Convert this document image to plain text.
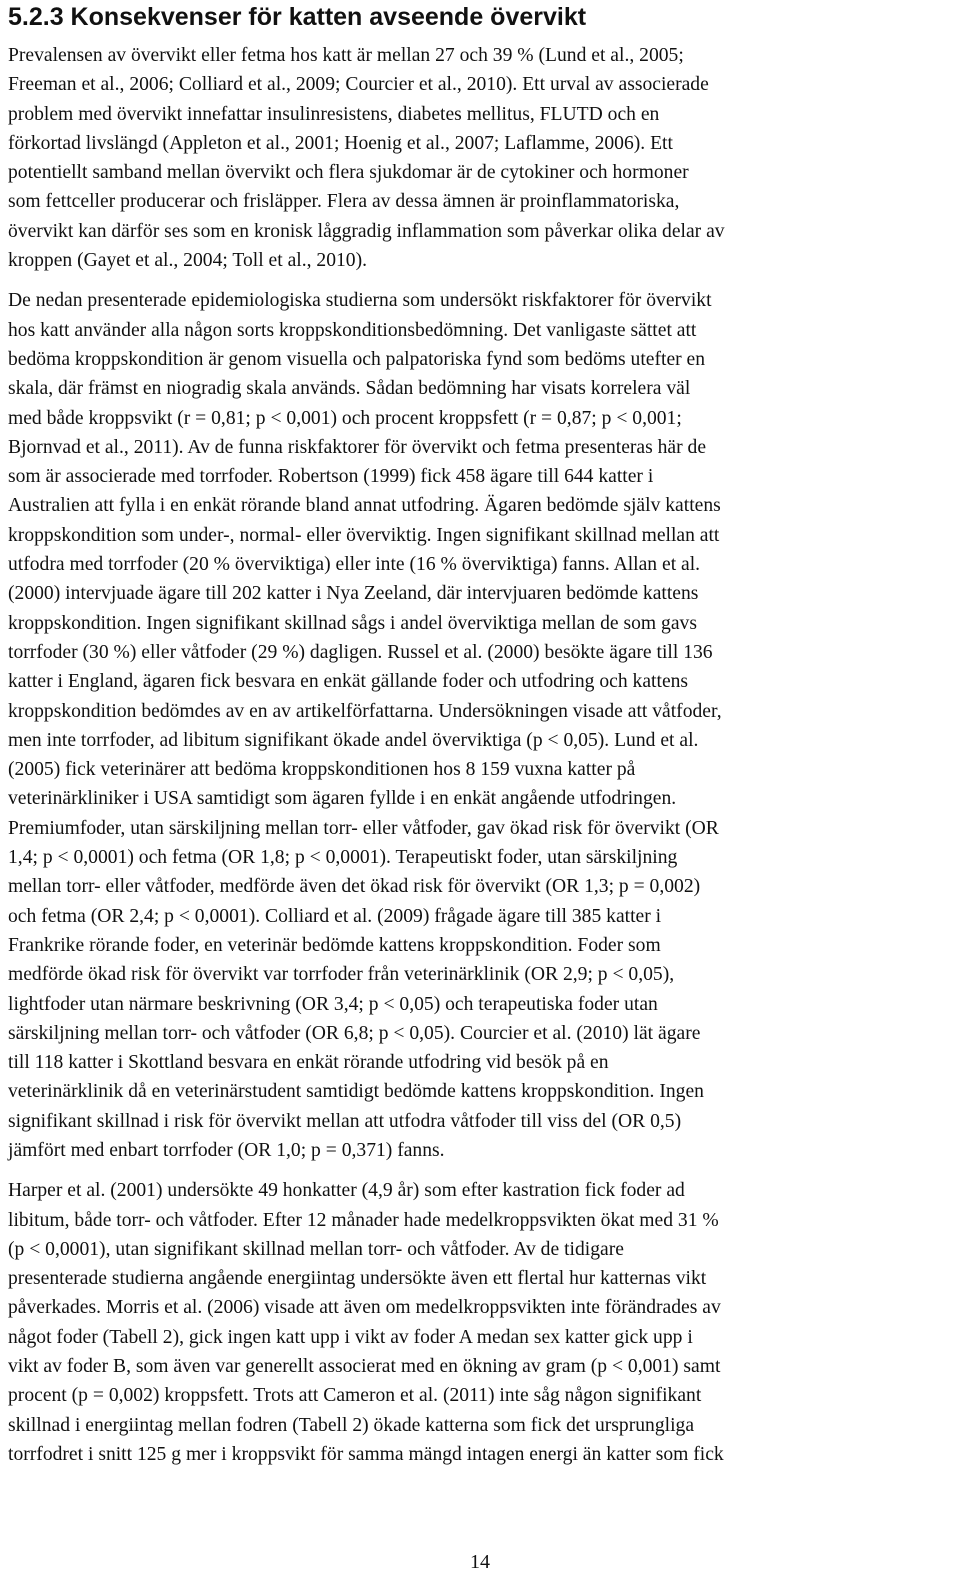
5.2.3 Konsekvenser för katten avseende övervikt

Prevalensen av övervikt eller fetma hos katt är mellan 27 och 39 % (Lund et al., 2005;
Freeman et al., 2006; Colliard et al., 2009; Courcier et al., 2010). Ett urval av associerade
problem med övervikt innefattar insulinresistens, diabetes mellitus, FLUTD och en
förkortad livslängd (Appleton et al., 2001; Hoenig et al., 2007; Laflamme, 2006). Ett
potentiellt samband mellan övervikt och flera sjukdomar är de cytokiner och hormoner
som fettceller producerar och frisläpper. Flera av dessa ämnen är proinflammatoriska,
övervikt kan därför ses som en kronisk låggradig inflammation som påverkar olika delar av
kroppen (Gayet et al., 2004; Toll et al., 2010).

De nedan presenterade epidemiologiska studierna som undersökt riskfaktorer för övervikt
hos katt använder alla någon sorts kroppskonditionsbedömning. Det vanligaste sättet att
bedöma kroppskondition är genom visuella och palpatoriska fynd som bedöms utefter en
skala, där främst en niogradig skala används. Sådan bedömning har visats korrelera väl
med både kroppsvikt (r = 0,81; p < 0,001) och procent kroppsfett (r = 0,87; p < 0,001;
Bjornvad et al., 2011). Av de funna riskfaktorer för övervikt och fetma presenteras här de
som är associerade med torrfoder. Robertson (1999) fick 458 ägare till 644 katter i
Australien att fylla i en enkät rörande bland annat utfodring. Ägaren bedömde själv kattens
kroppskondition som under-, normal- eller överviktig. Ingen signifikant skillnad mellan att
utfodra med torrfoder (20 % överviktiga) eller inte (16 % överviktiga) fanns. Allan et al.
(2000) intervjuade ägare till 202 katter i Nya Zeeland, där intervjuaren bedömde kattens
kroppskondition. Ingen signifikant skillnad sågs i andel överviktiga mellan de som gavs
torrfoder (30 %) eller våtfoder (29 %) dagligen. Russel et al. (2000) besökte ägare till 136
katter i England, ägaren fick besvara en enkät gällande foder och utfodring och kattens
kroppskondition bedömdes av en av artikelförfattarna. Undersökningen visade att våtfoder,
men inte torrfoder, ad libitum signifikant ökade andel överviktiga (p < 0,05). Lund et al.
(2005) fick veterinärer att bedöma kroppskonditionen hos 8 159 vuxna katter på
veterinärkliniker i USA samtidigt som ägaren fyllde i en enkät angående utfodringen.
Premiumfoder, utan särskiljning mellan torr- eller våtfoder, gav ökad risk för övervikt (OR
1,4; p < 0,0001) och fetma (OR 1,8; p < 0,0001). Terapeutiskt foder, utan särskiljning
mellan torr- eller våtfoder, medförde även det ökad risk för övervikt (OR 1,3; p = 0,002)
och fetma (OR 2,4; p < 0,0001). Colliard et al. (2009) frågade ägare till 385 katter i
Frankrike rörande foder, en veterinär bedömde kattens kroppskondition. Foder som
medförde ökad risk för övervikt var torrfoder från veterinärklinik (OR 2,9; p < 0,05),
lightfoder utan närmare beskrivning (OR 3,4; p < 0,05) och terapeutiska foder utan
särskiljning mellan torr- och våtfoder (OR 6,8; p < 0,05). Courcier et al. (2010) lät ägare
till 118 katter i Skottland besvara en enkät rörande utfodring vid besök på en
veterinärklinik då en veterinärstudent samtidigt bedömde kattens kroppskondition. Ingen
signifikant skillnad i risk för övervikt mellan att utfodra våtfoder till viss del (OR 0,5)
jämfört med enbart torrfoder (OR 1,0; p = 0,371) fanns.

Harper et al. (2001) undersökte 49 honkatter (4,9 år) som efter kastration fick foder ad
libitum, både torr- och våtfoder. Efter 12 månader hade medelkroppsvikten ökat med 31 %
(p < 0,0001), utan signifikant skillnad mellan torr- och våtfoder. Av de tidigare
presenterade studierna angående energiintag undersökte även ett flertal hur katternas vikt
påverkades. Morris et al. (2006) visade att även om medelkroppsvikten inte förändrades av
något foder (Tabell 2), gick ingen katt upp i vikt av foder A medan sex katter gick upp i
vikt av foder B, som även var generellt associerat med en ökning av gram (p < 0,001) samt
procent (p = 0,002) kroppsfett. Trots att Cameron et al. (2011) inte såg någon signifikant
skillnad i energiintag mellan fodren (Tabell 2) ökade katterna som fick det ursprungliga
torrfodret i snitt 125 g mer i kroppsvikt för samma mängd intagen energi än katter som fick

14
